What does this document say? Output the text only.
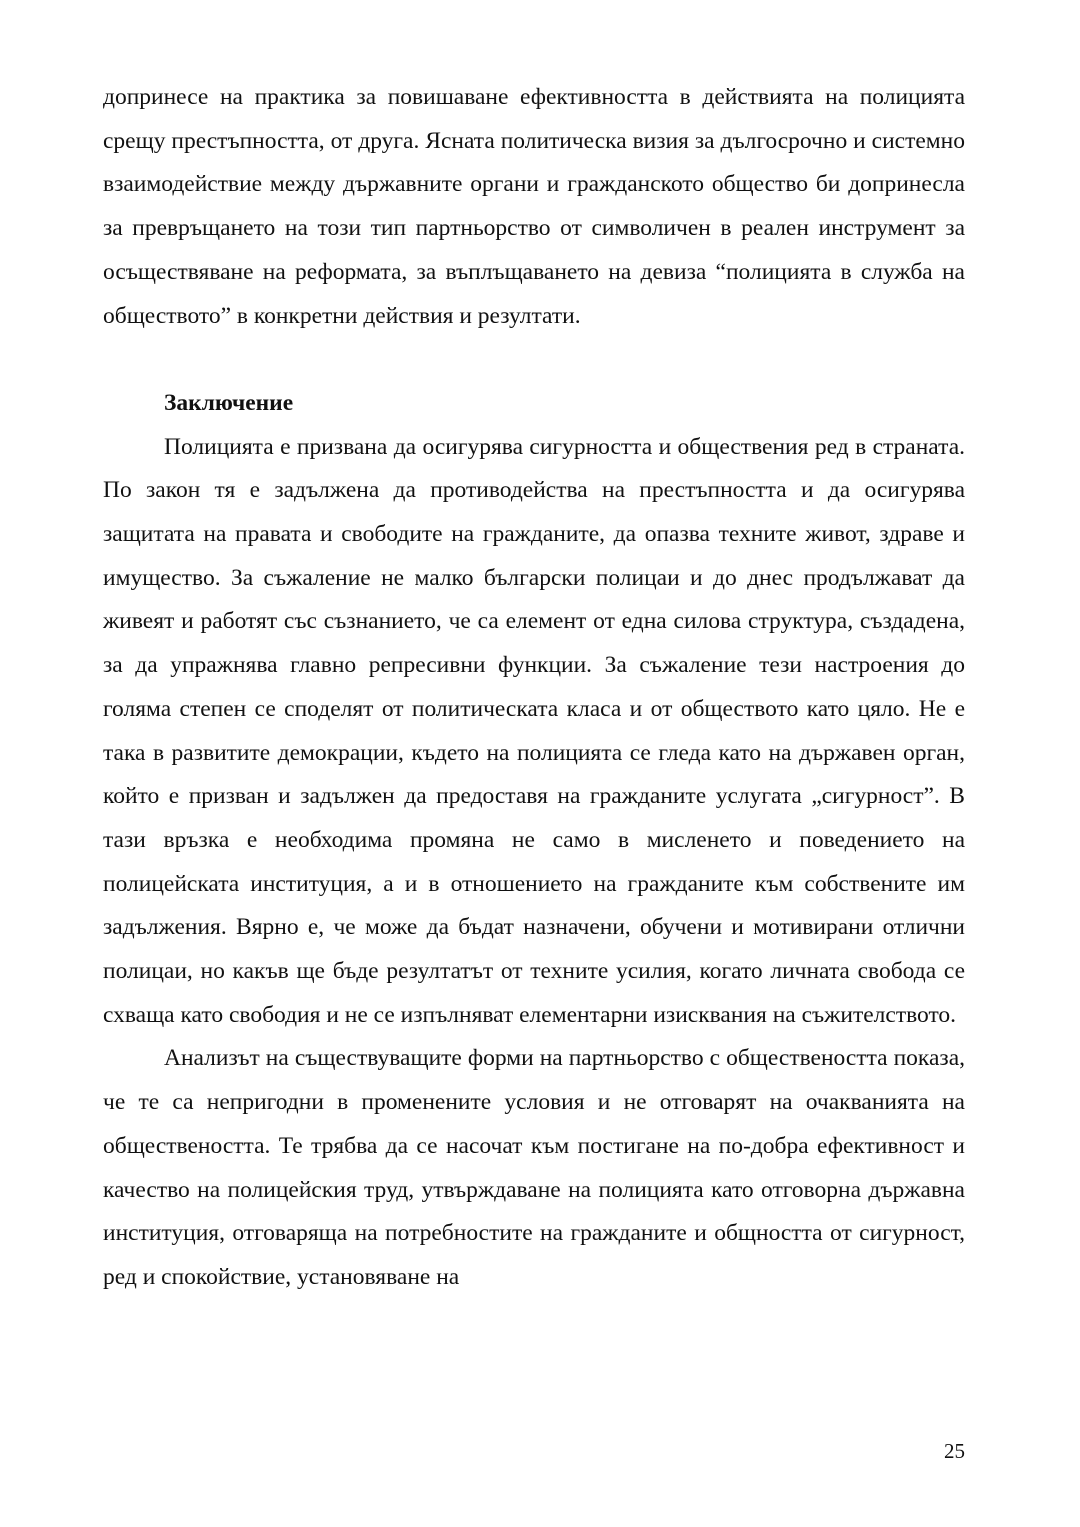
допринесе на практика за повишаване ефективността в действията на полицията срещу престъпността, от друга. Ясната политическа визия за дългосрочно и системно взаимодействие между държавните органи и гражданското общество би допринесла за превръщането на този тип партньорство от символичен в реален инструмент за осъществяване на реформата, за въплъщаването на девиза “полицията в служба на обществото” в конкретни действия и резултати.

Заключение

Полицията е призвана да осигурява сигурността и обществения ред в страната. По закон тя е задължена да противодейства на престъпността и да осигурява защитата на правата и свободите на гражданите, да опазва техните живот, здраве и имущество. За съжаление не малко български полицаи и до днес продължават да живеят и работят със съзнанието, че са елемент от една силова структура, създадена, за да упражнява главно репресивни функции. За съжаление тези настроения до голяма степен се споделят от политическата класа и от обществото като цяло. Не е така в развитите демокрации, където на полицията се гледа като на държавен орган, който е призван и задължен да предоставя на гражданите услугата „сигурност”. В тази връзка е необходима промяна не само в мисленето и поведението на полицейската институция, а и в отношението на гражданите към собствените им задължения. Вярно е, че може да бъдат назначени, обучени и мотивирани отлични полицаи, но какъв ще бъде резултатът от техните усилия, когато личната свобода се схваща като свободия и не се изпълняват елементарни изисквания на съжителството.

Анализът на съществуващите форми на партньорство с обществеността показа, че те са непригодни в променените условия и не отговарят на очакванията на обществеността. Те трябва да се насочат към постигане на по-добра ефективност и качество на полицейския труд, утвърждаване на полицията като отговорна държавна институция, отговаряща на потребностите на гражданите и общността от сигурност, ред и спокойствие, установяване на

25
